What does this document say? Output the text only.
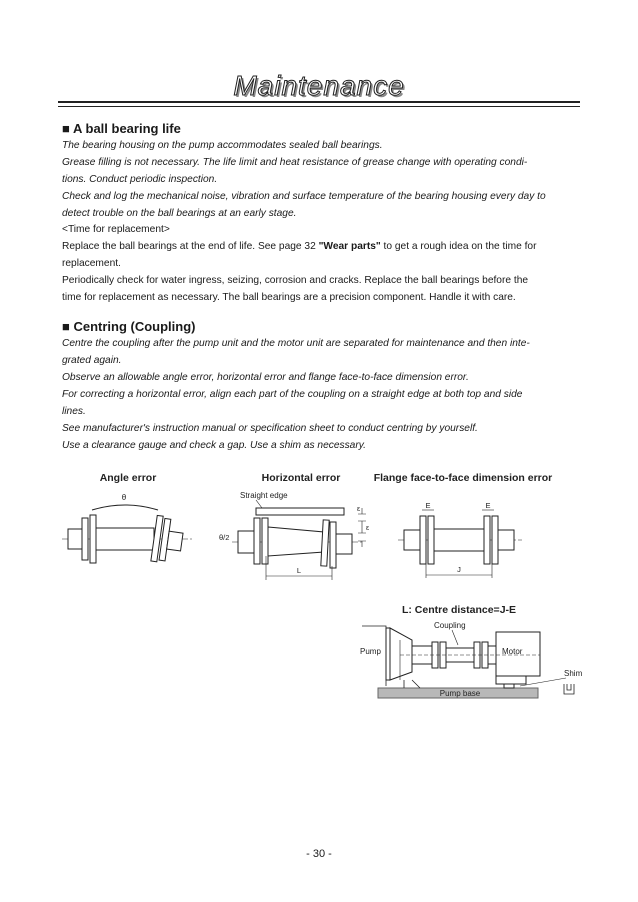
Maintenance
■ A ball bearing life

The bearing housing on the pump accommodates sealed ball bearings.

Grease filling is not necessary. The life limit and heat resistance of grease change with operating condi-

tions. Conduct periodic inspection.

Check and log the mechanical noise, vibration and surface temperature of the bearing housing every day to

detect trouble on the ball bearings at an early stage.

<Time for replacement>

Replace the ball bearings at the end of life. See page 32 "Wear parts" to get a rough idea on the time for

replacement.

Periodically check for water ingress, seizing, corrosion and cracks. Replace the ball bearings before the

time for replacement as necessary. The ball bearings are a precision component. Handle it with care.

■ Centring (Coupling)

Centre the coupling after the pump unit and the motor unit are separated for maintenance and then inte-

grated again.

Observe an allowable angle error, horizontal error and flange face-to-face dimension error.

For correcting a horizontal error, align each part of the coupling on a straight edge at both top and side

lines.

See manufacturer's instruction manual or specification sheet to conduct centring by yourself.

Use a clearance gauge and check a gap. Use a shim as necessary.

Angle error
θ
Horizontal error
Straight edge
θ/2
ε
ε
L
Flange face-to-face dimension error
E	E
J
L: Centre distance=J-E
Pump base
Pump
Coupling
Motor
Shim
- 30 -
